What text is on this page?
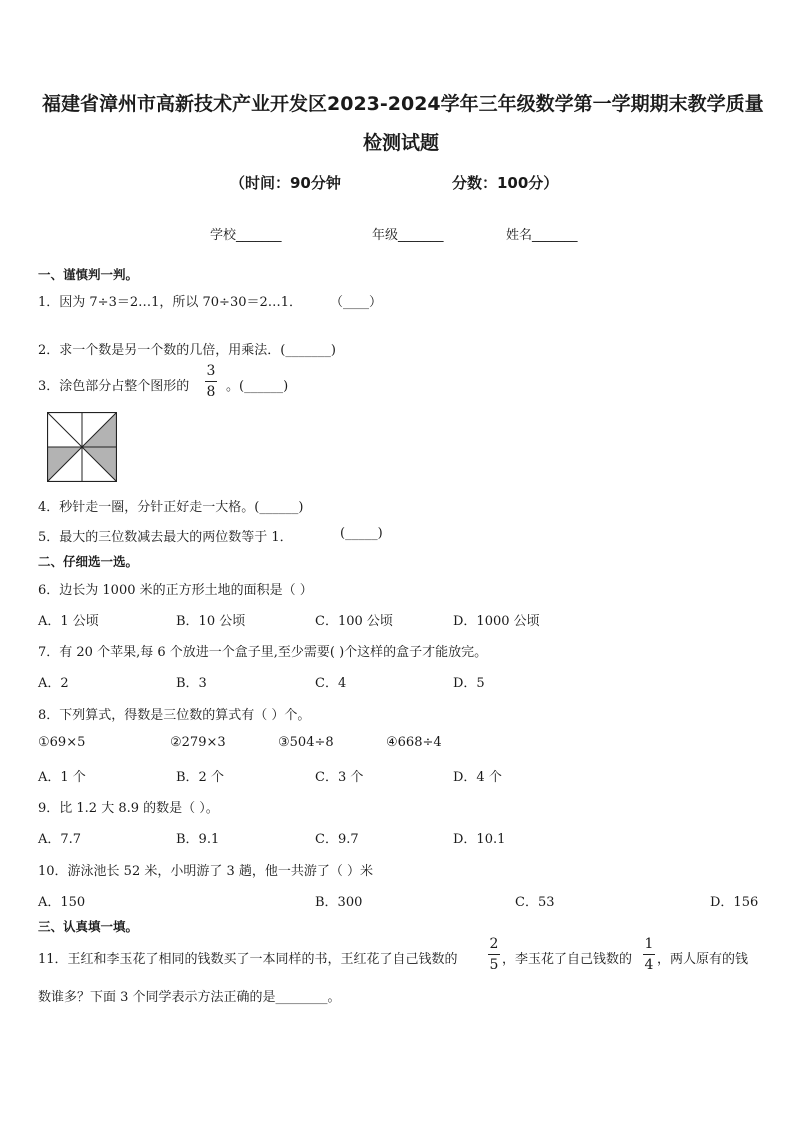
福建省漳州市高新技术产业开发区2023-2024学年三年级数学第一学期期末教学质量
检测试题
（时间：90分钟	分数：100分）
学校_______	年级_______	姓名_______
一、谨慎判一判。
1．因为 7÷3＝2…1，所以 70÷30＝2…1． （____）
2．求一个数是另一个数的几倍，用乘法．(_______)
3．涂色部分占整个图形的
3
8 。(______)
4．秒针走一圈，分针正好走一大格。(______)
5．最大的三位数减去最大的两位数等于 1．	(_____)
二、仔细选一选。
6．边长为 1000 米的正方形土地的面积是（ ）
A．1 公顷	B．10 公顷	C．100 公顷	D．1000 公顷
7．有 20 个苹果,每 6 个放进一个盒子里,至少需要( )个这样的盒子才能放完。
A．2	B．3	C．4	D．5
8．下列算式，得数是三位数的算式有（ ）个。
①69×5	②279×3	③504÷8	④668÷4
A．1 个	B．2 个	C．3 个	D．4 个
9．比 1.2 大 8.9 的数是（ ）。
A．7.7	B．9.1	C．9.7	D．10.1
10．游泳池长 52 米，小明游了 3 趟，他一共游了（ ）米
A．150	B．300	C．53	D．156
三、认真填一填。
11．王红和李玉花了相同的钱数买了一本同样的书，王红花了自己钱数的
2
5 ，李玉花了自己钱数的
1
4 ，两人原有的钱
数谁多？下面 3 个同学表示方法正确的是________。
